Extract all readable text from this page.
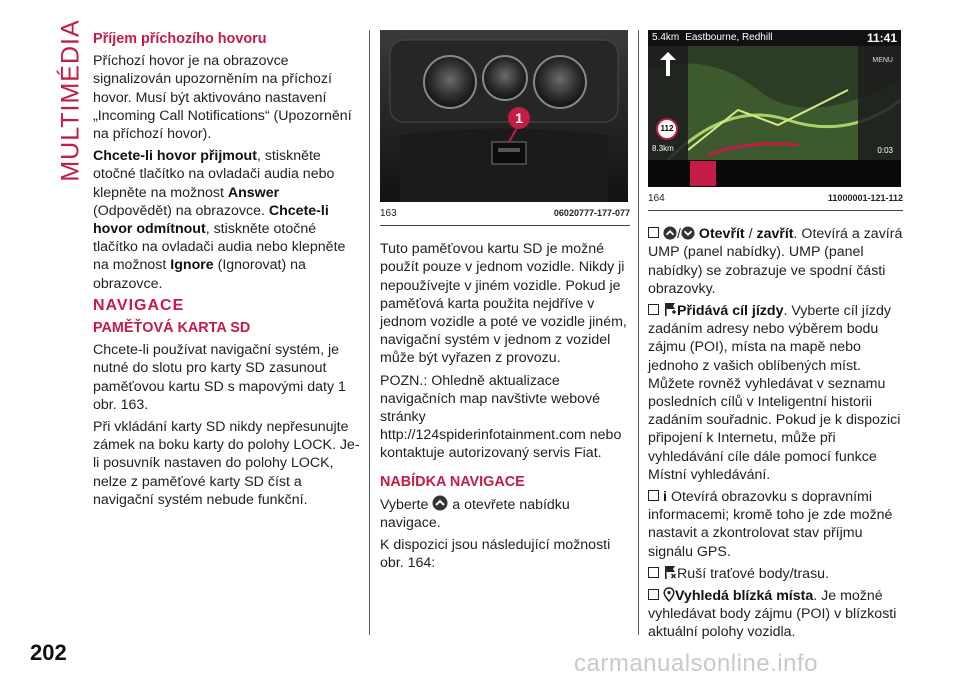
MULTIMÉDIA Příjem příchozího hovoru

Příchozí hovor je na obrazovce signalizován upozorněním na příchozí hovor. Musí být aktivováno nastavení „Incoming Call Notifications“ (Upozornění na příchozí hovor).

Chcete-li hovor přijmout, stiskněte otočné tlačítko na ovladači audia nebo klepněte na možnost Answer (Odpovědět) na obrazovce. Chcete-li hovor odmítnout, stiskněte otočné tlačítko na ovladači audia nebo klepněte na možnost Ignore (Ignorovat) na obrazovce.

NAVIGACE

PAMĚŤOVÁ KARTA SD

Chcete-li používat navigační systém, je nutné do slotu pro karty SD zasunout paměťovou kartu SD s mapovými daty 1 obr. 163.

Při vkládání karty SD nikdy nepřesunujte zámek na boku karty do polohy LOCK. Je-li posuvník nastaven do polohy LOCK, nelze z paměťové karty SD číst a navigační systém nebude funkční.

1
163	06020777-177-077

Tuto paměťovou kartu SD je možné použít pouze v jednom vozidle. Nikdy ji nepoužívejte v jiném vozidle. Pokud je paměťová karta použita nejdříve v jednom vozidle a poté ve vozidle jiném, navigační systém v jednom z vozidel může být vyřazen z provozu.

POZN.: Ohledně aktualizace navigačních map navštivte webové stránky http://124spiderinfotainment.com nebo kontaktuje autorizovaný servis Fiat.

NABÍDKA NAVIGACE

Vyberte  a otevřete nabídku navigace.

K dispozici jsou následující možnosti obr. 164:

5.4km Eastbourne, Redhill	11:41
MENU
112
8.3km	0:03
164	11000001-121-112

/ Otevřít / zavřít. Otevírá a zavírá UMP (panel nabídky). UMP (panel nabídky) se zobrazuje ve spodní části obrazovky.

Přidává cíl jízdy. Vyberte cíl jízdy zadáním adresy nebo výběrem bodu zájmu (POI), místa na mapě nebo jednoho z vašich oblíbených míst. Můžete rovněž vyhledávat v seznamu posledních cílů v Inteligentní historii zadáním souřadnic. Pokud je k dispozici připojení k Internetu, může při vyhledávání cíle dále pomocí funkce Místní vyhledávání.

i Otevírá obrazovku s dopravními informacemi; kromě toho je zde možné nastavit a zkontrolovat stav příjmu signálu GPS.

Ruší traťové body/trasu.

Vyhledá blízká místa. Je možné vyhledávat body zájmu (POI) v blízkosti aktuální polohy vozidla.

202	carmanualsonline.info
